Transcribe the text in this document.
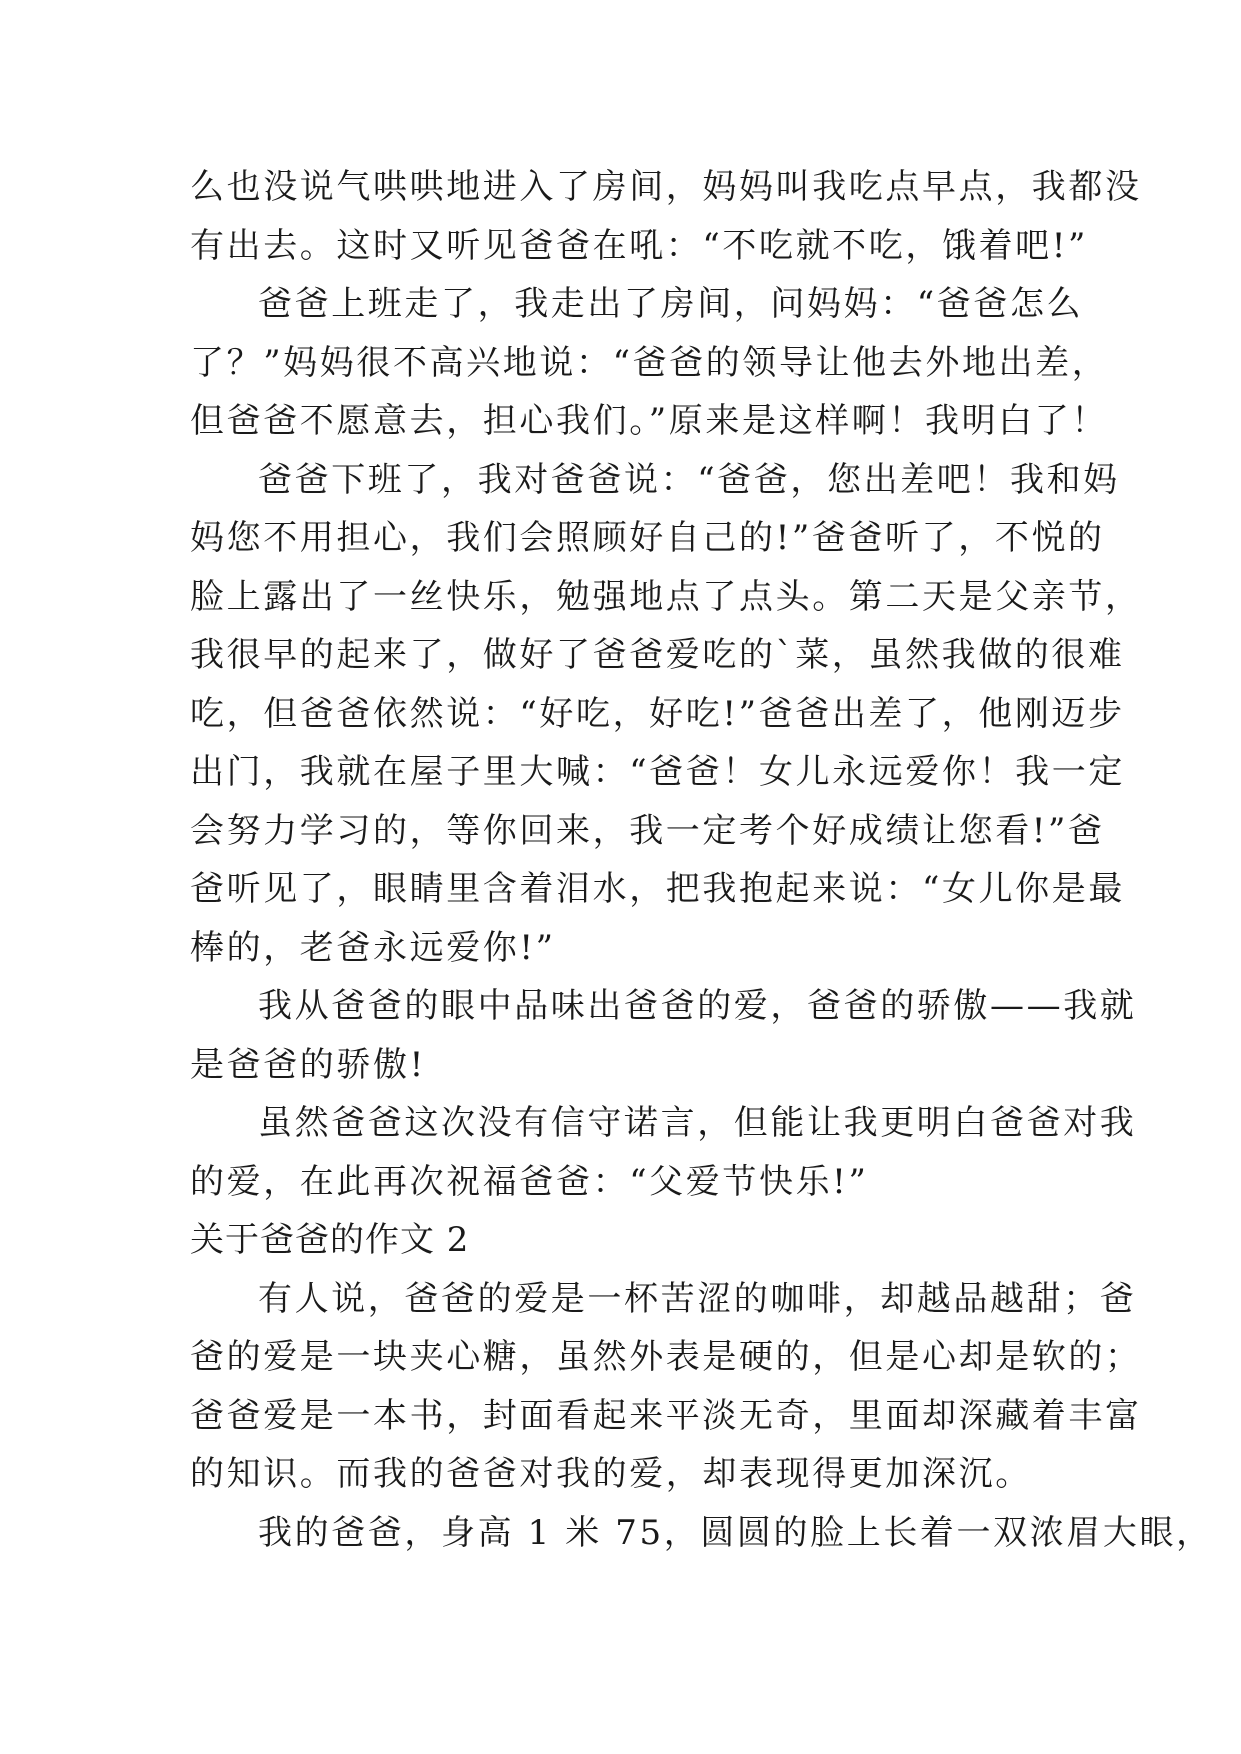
么也没说气哄哄地进入了房间，妈妈叫我吃点早点，我都没
有出去。这时又听见爸爸在吼：“不吃就不吃，饿着吧!”
爸爸上班走了，我走出了房间，问妈妈：“爸爸怎么
了？”妈妈很不高兴地说：“爸爸的领导让他去外地出差，
但爸爸不愿意去，担心我们。”原来是这样啊！我明白了！
爸爸下班了，我对爸爸说：“爸爸，您出差吧！我和妈
妈您不用担心，我们会照顾好自己的!”爸爸听了，不悦的
脸上露出了一丝快乐，勉强地点了点头。第二天是父亲节，
我很早的起来了，做好了爸爸爱吃的`菜，虽然我做的很难
吃，但爸爸依然说：“好吃，好吃!”爸爸出差了，他刚迈步
出门，我就在屋子里大喊：“爸爸！女儿永远爱你！我一定
会努力学习的，等你回来，我一定考个好成绩让您看!”爸
爸听见了，眼睛里含着泪水，把我抱起来说：“女儿你是最
棒的，老爸永远爱你!”
我从爸爸的眼中品味出爸爸的爱，爸爸的骄傲——我就
是爸爸的骄傲!
虽然爸爸这次没有信守诺言，但能让我更明白爸爸对我
的爱，在此再次祝福爸爸：“父爱节快乐!”
关于爸爸的作文 2
有人说，爸爸的爱是一杯苦涩的咖啡，却越品越甜；爸
爸的爱是一块夹心糖，虽然外表是硬的，但是心却是软的；
爸爸爱是一本书，封面看起来平淡无奇，里面却深藏着丰富
的知识。而我的爸爸对我的爱，却表现得更加深沉。
我的爸爸，身高 1 米 75，圆圆的脸上长着一双浓眉大眼，
